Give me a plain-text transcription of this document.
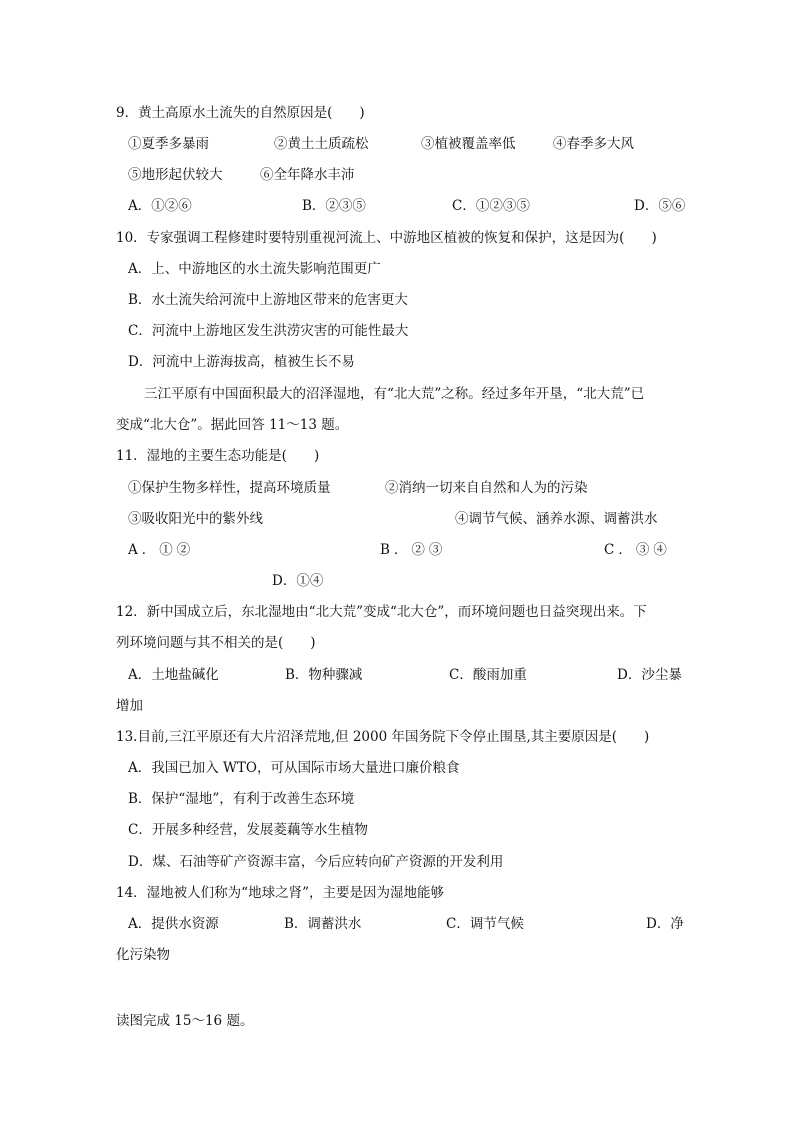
9．黄土高原水土流失的自然原因是(　　)
①夏季多暴雨	②黄土土质疏松	③植被覆盖率低	④春季多大风
⑤地形起伏较大	⑥全年降水丰沛
A．①②⑥	B．②③⑤	C．①②③⑤	D．⑤⑥
10．专家强调工程修建时要特别重视河流上、中游地区植被的恢复和保护，这是因为(　　)
A．上、中游地区的水土流失影响范围更广
B．水土流失给河流中上游地区带来的危害更大
C．河流中上游地区发生洪涝灾害的可能性最大
D．河流中上游海拔高，植被生长不易
三江平原有中国面积最大的沼泽湿地，有“北大荒”之称。经过多年开垦，“北大荒”已
变成“北大仓”。据此回答 11～13 题。
11．湿地的主要生态功能是(　　)
①保护生物多样性，提高环境质量	②消纳一切来自自然和人为的污染
③吸收阳光中的紫外线	④调节气候、涵养水源、调蓄洪水
A．①②	B．②③	C．③④
D．①④
12．新中国成立后，东北湿地由“北大荒”变成“北大仓”，而环境问题也日益突现出来。下
列环境问题与其不相关的是(　　)
A．土地盐碱化	B．物种骤减	C．酸雨加重	D．沙尘暴
增加
13.目前,三江平原还有大片沼泽荒地,但 2000 年国务院下令停止围垦,其主要原因是(　　)
A．我国已加入 WTO，可从国际市场大量进口廉价粮食
B．保护“湿地”，有利于改善生态环境
C．开展多种经营，发展菱藕等水生植物
D．煤、石油等矿产资源丰富，今后应转向矿产资源的开发利用
14．湿地被人们称为“地球之肾”，主要是因为湿地能够
A．提供水资源	B．调蓄洪水	C．调节气候	D．净
化污染物
读图完成 15～16 题。
